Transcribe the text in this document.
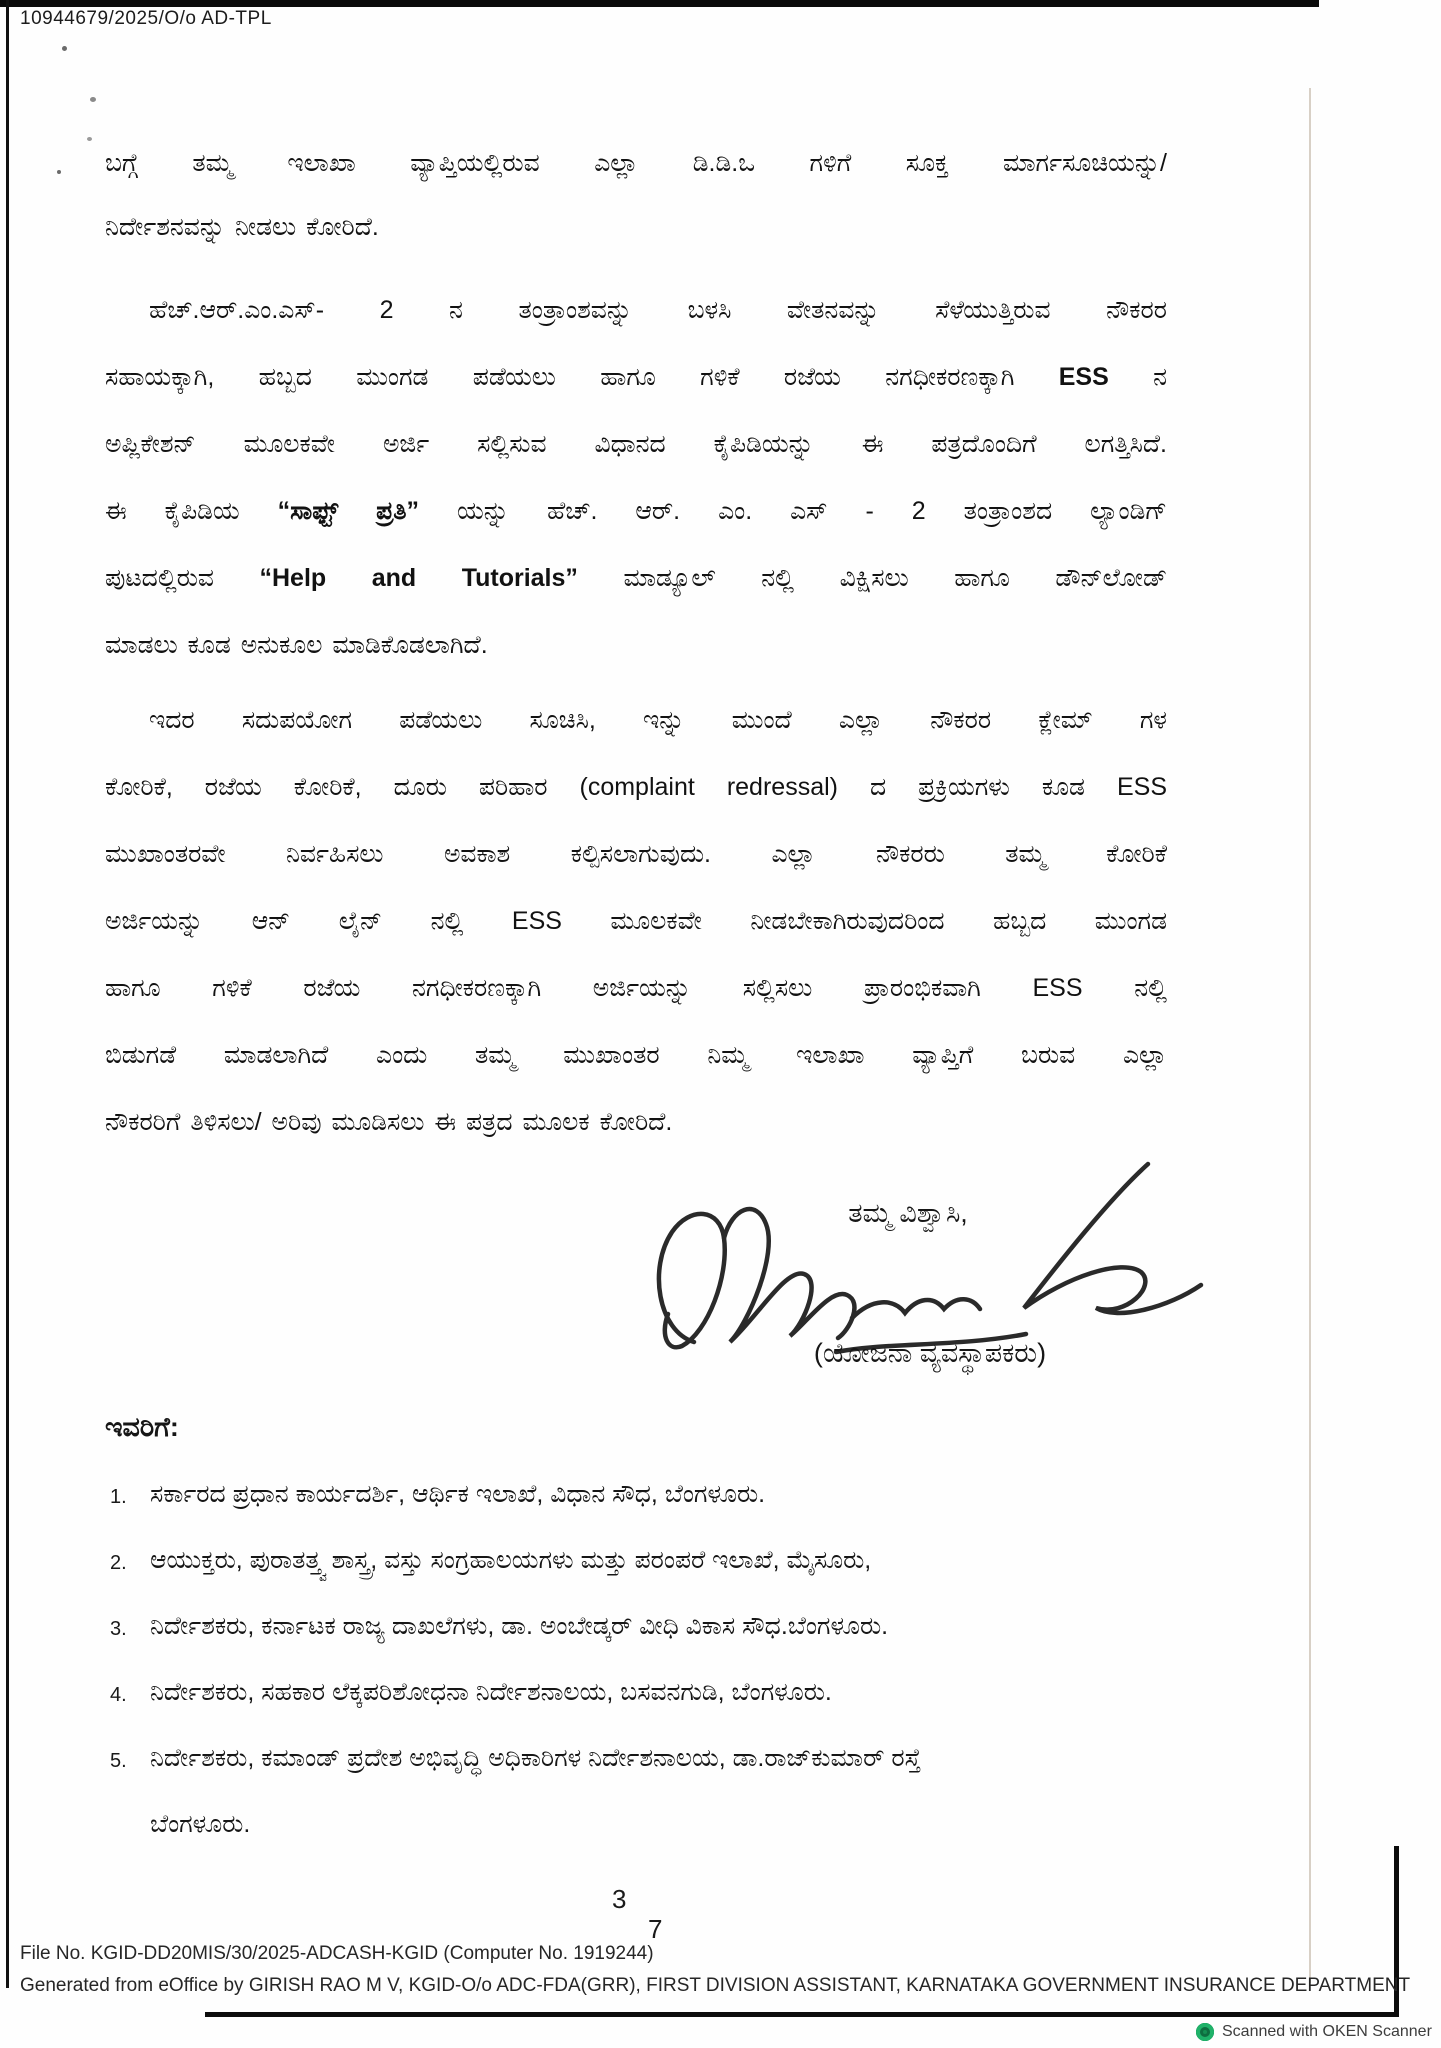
10944679/2025/O/o AD-TPL
ಬಗ್ಗೆ ತಮ್ಮ ಇಲಾಖಾ ವ್ಯಾಪ್ತಿಯಲ್ಲಿರುವ ಎಲ್ಲಾ ಡಿ.ಡಿ.ಒ ಗಳಿಗೆ ಸೂಕ್ತ ಮಾರ್ಗಸೂಚಿಯನ್ನು/
ನಿರ್ದೇಶನವನ್ನು ನೀಡಲು ಕೋರಿದೆ.
ಹೆಚ್.ಆರ್.ಎಂ.ಎಸ್- 2 ನ ತಂತ್ರಾಂಶವನ್ನು ಬಳಸಿ ವೇತನವನ್ನು ಸೆಳೆಯುತ್ತಿರುವ ನೌಕರರ
ಸಹಾಯಕ್ಕಾಗಿ, ಹಬ್ಬದ ಮುಂಗಡ ಪಡೆಯಲು ಹಾಗೂ ಗಳಿಕೆ ರಜೆಯ ನಗಧೀಕರಣಕ್ಕಾಗಿ ESS ನ
ಅಪ್ಲಿಕೇಶನ್ ಮೂಲಕವೇ ಅರ್ಜಿ ಸಲ್ಲಿಸುವ ವಿಧಾನದ ಕೈಪಿಡಿಯನ್ನು ಈ ಪತ್ರದೊಂದಿಗೆ ಲಗತ್ತಿಸಿದೆ.
ಈ ಕೈಪಿಡಿಯ “ಸಾಫ್ಟ್ ಪ್ರತಿ” ಯನ್ನು ಹೆಚ್. ಆರ್. ಎಂ. ಎಸ್ - 2 ತಂತ್ರಾಂಶದ ಲ್ಯಾಂಡಿಗ್
ಪುಟದಲ್ಲಿರುವ “Help and Tutorials” ಮಾಡ್ಯೂಲ್ ನಲ್ಲಿ ವಿಕ್ಷಿಸಲು ಹಾಗೂ ಡೌನ್‌ಲೋಡ್
ಮಾಡಲು ಕೂಡ ಅನುಕೂಲ ಮಾಡಿಕೊಡಲಾಗಿದೆ.
ಇದರ ಸದುಪಯೋಗ ಪಡೆಯಲು ಸೂಚಿಸಿ, ಇನ್ನು ಮುಂದೆ ಎಲ್ಲಾ ನೌಕರರ ಕ್ಲೇಮ್ ಗಳ
ಕೋರಿಕೆ, ರಜೆಯ ಕೋರಿಕೆ, ದೂರು ಪರಿಹಾರ (complaint redressal) ದ ಪ್ರಕ್ರಿಯಗಳು ಕೂಡ ESS
ಮುಖಾಂತರವೇ ನಿರ್ವಹಿಸಲು ಅವಕಾಶ ಕಲ್ಪಿಸಲಾಗುವುದು. ಎಲ್ಲಾ ನೌಕರರು ತಮ್ಮ ಕೋರಿಕೆ
ಅರ್ಜಿಯನ್ನು ಆನ್ ಲೈನ್ ನಲ್ಲಿ ESS ಮೂಲಕವೇ ನೀಡಬೇಕಾಗಿರುವುದರಿಂದ ಹಬ್ಬದ ಮುಂಗಡ
ಹಾಗೂ ಗಳಿಕೆ ರಜೆಯ ನಗಧೀಕರಣಕ್ಕಾಗಿ ಅರ್ಜಿಯನ್ನು ಸಲ್ಲಿಸಲು ಪ್ರಾರಂಭಿಕವಾಗಿ ESS ನಲ್ಲಿ
ಬಿಡುಗಡೆ ಮಾಡಲಾಗಿದೆ ಎಂದು ತಮ್ಮ ಮುಖಾಂತರ ನಿಮ್ಮ ಇಲಾಖಾ ವ್ಯಾಪ್ತಿಗೆ ಬರುವ ಎಲ್ಲಾ
ನೌಕರರಿಗೆ ತಿಳಿಸಲು/ ಅರಿವು ಮೂಡಿಸಲು ಈ ಪತ್ರದ ಮೂಲಕ ಕೋರಿದೆ.
ತಮ್ಮ ವಿಶ್ವಾಸಿ,
(ಯೋಜನಾ ವ್ಯವಸ್ಥಾಪಕರು)
ಇವರಿಗೆ:
1. ಸರ್ಕಾರದ ಪ್ರಧಾನ ಕಾರ್ಯದರ್ಶಿ, ಆರ್ಥಿಕ ಇಲಾಖೆ, ವಿಧಾನ ಸೌಧ, ಬೆಂಗಳೂರು.
2. ಆಯುಕ್ತರು, ಪುರಾತತ್ತ್ವ ಶಾಸ್ತ್ರ, ವಸ್ತು ಸಂಗ್ರಹಾಲಯಗಳು ಮತ್ತು ಪರಂಪರೆ ಇಲಾಖೆ, ಮೈಸೂರು,
3. ನಿರ್ದೇಶಕರು, ಕರ್ನಾಟಕ ರಾಜ್ಯ ದಾಖಲೆಗಳು, ಡಾ. ಅಂಬೇಡ್ಕರ್ ವೀಧಿ ವಿಕಾಸ ಸೌಧ.ಬೆಂಗಳೂರು.
4. ನಿರ್ದೇಶಕರು, ಸಹಕಾರ ಲೆಕ್ಕಪರಿಶೋಧನಾ ನಿರ್ದೇಶನಾಲಯ, ಬಸವನಗುಡಿ, ಬೆಂಗಳೂರು.
5. ನಿರ್ದೇಶಕರು, ಕಮಾಂಡ್ ಪ್ರದೇಶ ಅಭಿವೃದ್ಧಿ ಅಧಿಕಾರಿಗಳ ನಿರ್ದೇಶನಾಲಯ, ಡಾ.ರಾಜ್‌ಕುಮಾರ್ ರಸ್ತೆ
ಬೆಂಗಳೂರು.
3
7
File No. KGID-DD20MIS/30/2025-ADCASH-KGID (Computer No. 1919244)
Generated from eOffice by GIRISH RAO M V, KGID-O/o ADC-FDA(GRR), FIRST DIVISION ASSISTANT, KARNATAKA GOVERNMENT INSURANCE DEPARTMENT
Scanned with OKEN Scanner
